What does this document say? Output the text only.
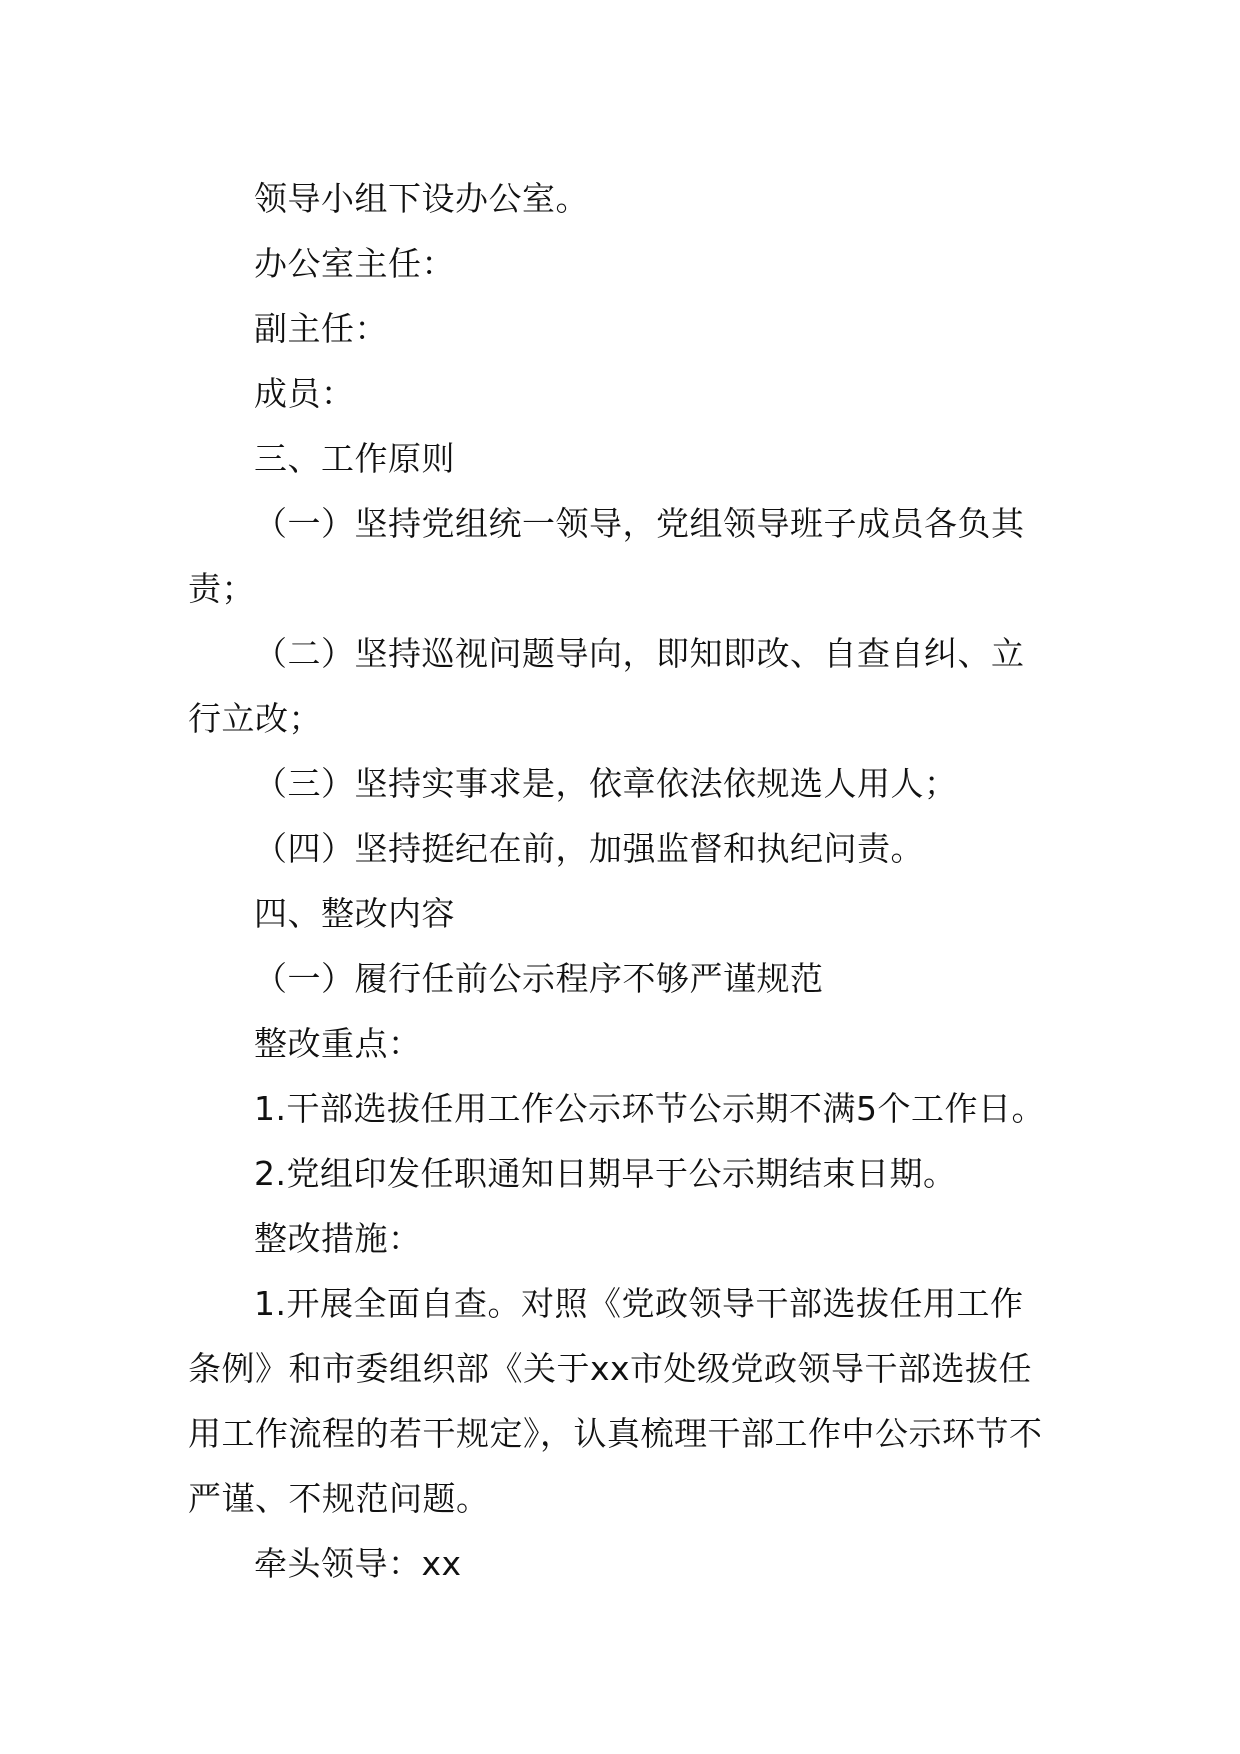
领导小组下设办公室。

办公室主任：

副主任：

成员：

三、工作原则

（一）坚持党组统一领导，党组领导班子成员各负其责；

（二）坚持巡视问题导向，即知即改、自查自纠、立行立改；

（三）坚持实事求是，依章依法依规选人用人；

（四）坚持挺纪在前，加强监督和执纪问责。

四、整改内容

（一）履行任前公示程序不够严谨规范

整改重点：

1.干部选拔任用工作公示环节公示期不满5个工作日。

2.党组印发任职通知日期早于公示期结束日期。

整改措施：

1.开展全面自查。对照《党政领导干部选拔任用工作条例》和市委组织部《关于xx市处级党政领导干部选拔任用工作流程的若干规定》，认真梳理干部工作中公示环节不严谨、不规范问题。

牵头领导：xx
